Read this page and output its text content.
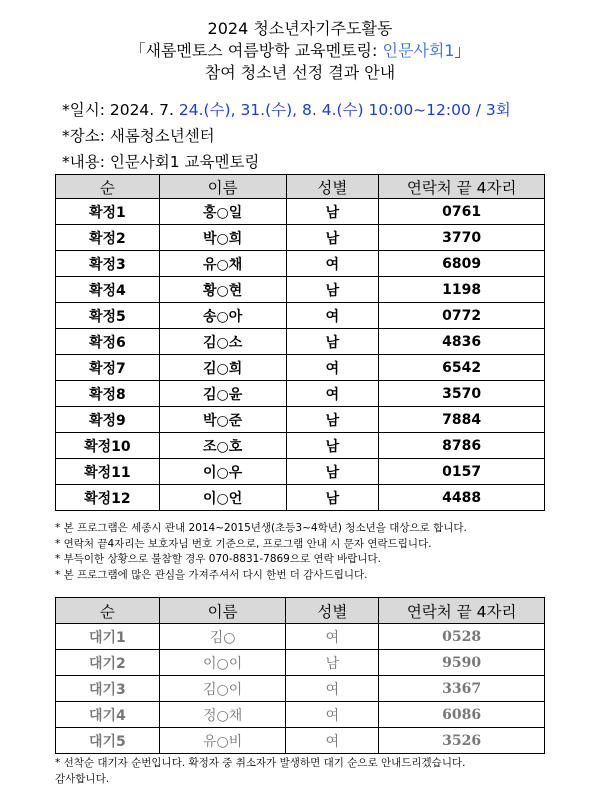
2024 청소년자기주도활동
「새롬멘토스 여름방학 교육멘토링: 인문사회1」
참여 청소년 선정 결과 안내
*일시: 2024. 7. 24.(수), 31.(수), 8. 4.(수) 10:00~12:00 / 3회
*장소: 새롬청소년센터
*내용: 인문사회1 교육멘토링
순	이름	성별	연락처 끝 4자리
확정1	홍○일	남	0761
확정2	박○희	남	3770
확정3	유○채	여	6809
확정4	황○현	남	1198
확정5	송○아	여	0772
확정6	김○소	남	4836
확정7	김○희	여	6542
확정8	김○윤	여	3570
확정9	박○준	남	7884
확정10	조○호	남	8786
확정11	이○우	남	0157
확정12	이○언	남	4488
* 본 프로그램은 세종시 관내 2014~2015년생(초등3~4학년) 청소년을 대상으로 합니다.
* 연락처 끝4자리는 보호자님 번호 기준으로, 프로그램 안내 시 문자 연락드립니다.
* 부득이한 상황으로 불참할 경우 070-8831-7869으로 연락 바랍니다.
* 본 프로그램에 많은 관심을 가져주셔서 다시 한번 더 감사드립니다.
순	이름	성별	연락처 끝 4자리
대기1	김○	여	0528
대기2	이○이	남	9590
대기3	김○이	여	3367
대기4	정○채	여	6086
대기5	유○비	여	3526
* 선착순 대기자 순번입니다. 확정자 중 취소자가 발생하면 대기 순으로 안내드리겠습니다.
감사합니다.
